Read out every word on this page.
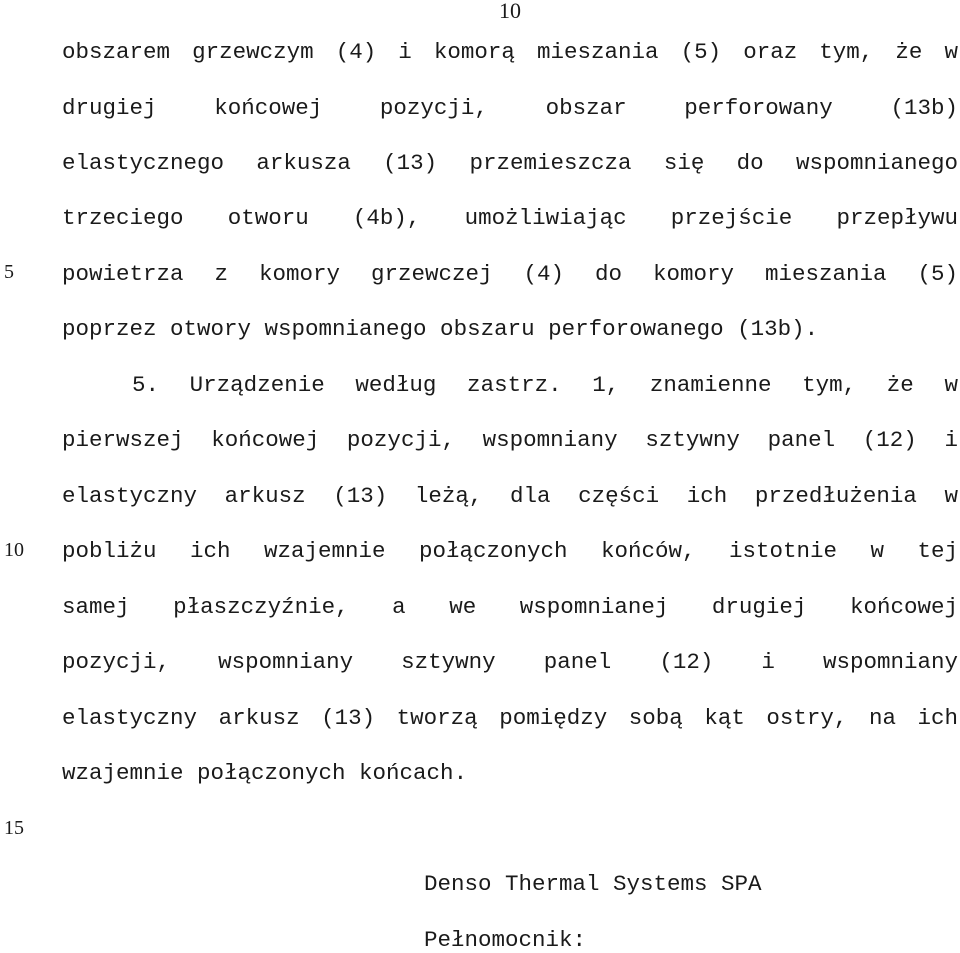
10
5
10
15
obszarem grzewczym (4) i komorą mieszania (5) oraz tym, że w
drugiej końcowej pozycji, obszar perforowany (13b)
elastycznego arkusza (13) przemieszcza się do wspomnianego
trzeciego otworu (4b), umożliwiając przejście przepływu
powietrza z komory grzewczej (4) do komory mieszania (5)
poprzez otwory wspomnianego obszaru perforowanego (13b).
5. Urządzenie według zastrz. 1, znamienne tym, że w
pierwszej końcowej pozycji, wspomniany sztywny panel (12) i
elastyczny arkusz (13) leżą, dla części ich przedłużenia w
pobliżu ich wzajemnie połączonych końców, istotnie w tej
samej płaszczyźnie, a we wspomnianej drugiej końcowej
pozycji, wspomniany sztywny panel (12) i wspomniany
elastyczny arkusz (13) tworzą pomiędzy sobą kąt ostry, na ich
wzajemnie połączonych końcach.
Denso Thermal Systems SPA
Pełnomocnik:
